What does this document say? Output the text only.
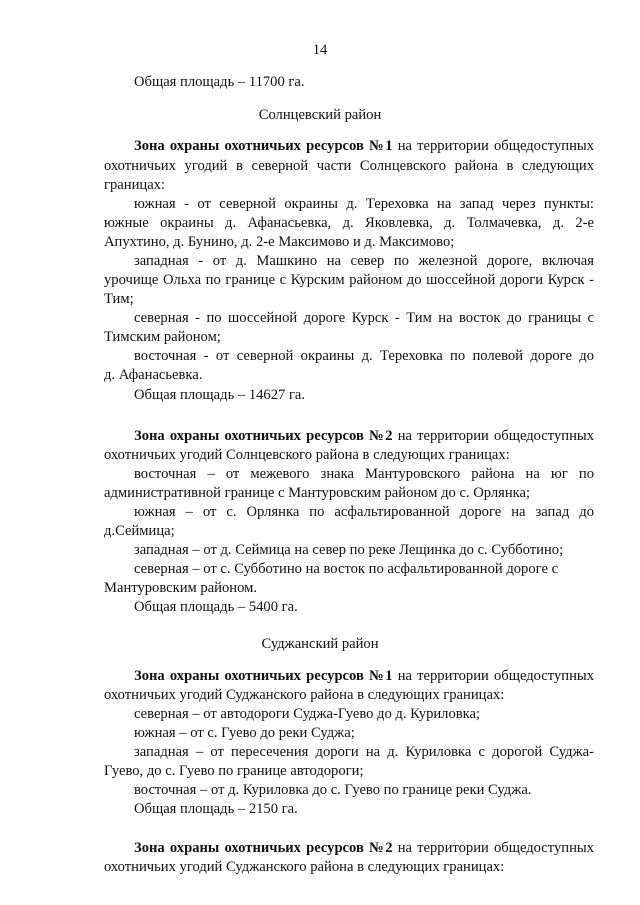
14
Общая площадь – 11700 га.
Солнцевский район
Зона охраны охотничьих ресурсов №1 на территории общедоступных
охотничьих угодий в северной части Солнцевского района в следующих
границах:
южная - от северной окраины д. Тереховка на запад через пункты:
южные окраины д. Афанасьевка, д. Яковлевка, д. Толмачевка, д. 2-е
Апухтино, д. Бунино, д. 2-е Максимово и д. Максимово;
западная - от д. Машкино на север по железной дороге, включая
урочище Ольха по границе с Курским районом до шоссейной дороги Курск -
Тим;
северная - по шоссейной дороге Курск - Тим на восток до границы с
Тимским районом;
восточная - от северной окраины д. Тереховка по полевой дороге до
д. Афанасьевка.
Общая площадь – 14627 га.
Зона охраны охотничьих ресурсов №2 на территории общедоступных
охотничьих угодий Солнцевского района в следующих границах:
восточная – от межевого знака Мантуровского района на юг по
административной границе с Мантуровским районом до с. Орлянка;
южная – от с. Орлянка по асфальтированной дороге на запад до
д.Сеймица;
западная – от д. Сеймица на север по реке Лещинка до с. Субботино;
северная – от с. Субботино на восток по асфальтированной дороге с
Мантуровским районом.
Общая площадь – 5400 га.
Суджанский район
Зона охраны охотничьих ресурсов №1 на территории общедоступных
охотничьих угодий Суджанского района в следующих границах:
северная – от автодороги Суджа-Гуево до д. Куриловка;
южная – от с. Гуево до реки Суджа;
западная – от пересечения дороги на д. Куриловка с дорогой Суджа-
Гуево, до с. Гуево по границе автодороги;
восточная – от д. Куриловка до с. Гуево по границе реки Суджа.
Общая площадь – 2150 га.
Зона охраны охотничьих ресурсов №2 на территории общедоступных
охотничьих угодий Суджанского района в следующих границах:
